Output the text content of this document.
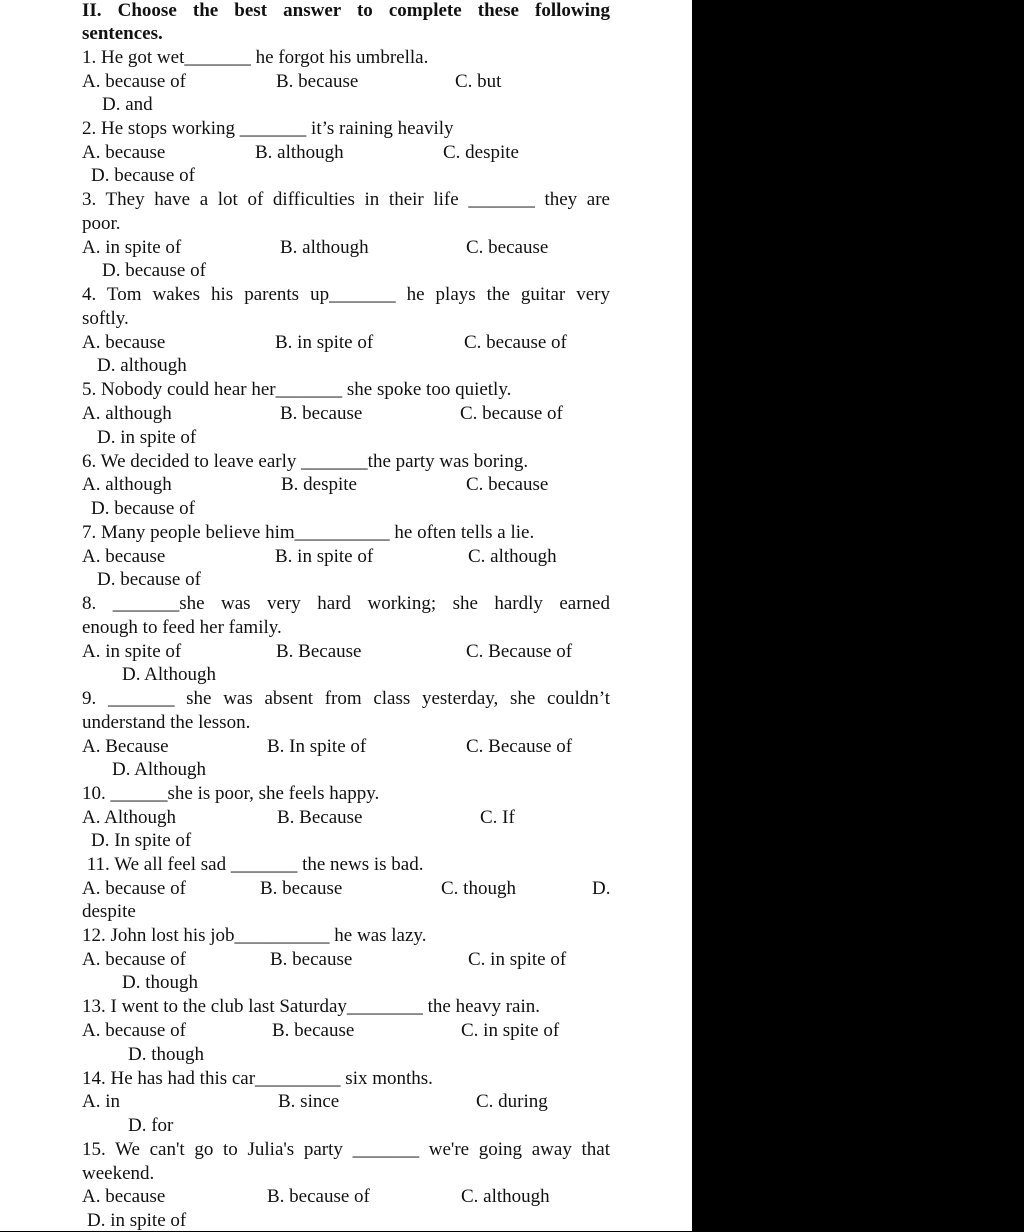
II. Choose the best answer to complete these following
sentences.
1. He got wet_______ he forgot his umbrella.
A. because of	B. because	C. but
D. and
2. He stops working _______ it’s raining heavily
A. because	B. although	C. despite
D. because of
3. They have a lot of difficulties in their life _______ they are
poor.
A. in spite of	B. although	C. because
D. because of
4. Tom wakes his parents up_______ he plays the guitar very
softly.
A. because	B. in spite of	C. because of
D. although
5. Nobody could hear her_______ she spoke too quietly.
A. although	B. because	C. because of
D. in spite of
6. We decided to leave early _______the party was boring.
A. although	B. despite	C. because
D. because of
7. Many people believe him__________ he often tells a lie.
A. because	B. in spite of	C. although
D. because of
8. _______she was very hard working; she hardly earned
enough to feed her family.
A. in spite of	B. Because	C. Because of
D. Although
9. _______ she was absent from class yesterday, she couldn’t
understand the lesson.
A. Because	B. In spite of	C. Because of
D. Although
10. ______she is poor, she feels happy.
A. Although	B. Because	C. If
D. In spite of
11. We all feel sad _______ the news is bad.
A. because of	B. because	C. though	D.
despite
12. John lost his job__________ he was lazy.
A. because of	B. because	C. in spite of
D. though
13. I went to the club last Saturday________ the heavy rain.
A. because of	B. because	C. in spite of
D. though
14. He has had this car_________ six months.
A. in	B. since	C. during
D. for
15. We can't go to Julia's party _______ we're going away that
weekend.
A. because	B. because of	C. although
D. in spite of
